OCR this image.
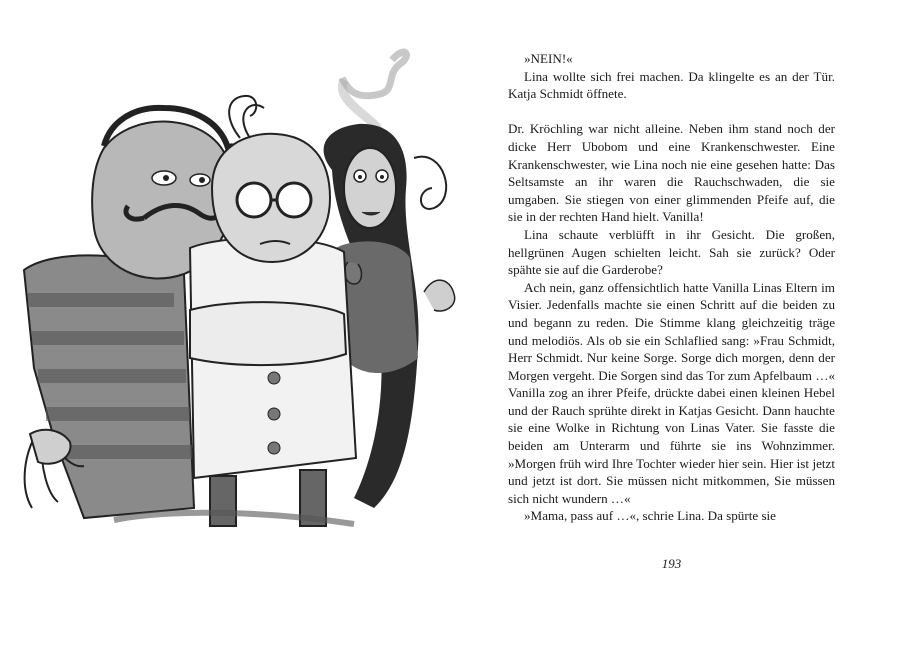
»NEIN!«

Lina wollte sich frei machen. Da klingelte es an der Tür. Katja Schmidt öffnete.

Dr. Kröchling war nicht alleine. Neben ihm stand noch der dicke Herr Ubobom und eine Krankenschwester. Eine Krankenschwester, wie Lina noch nie eine gesehen hatte: Das Seltsamste an ihr waren die Rauchschwaden, die sie umgaben. Sie stiegen von einer glimmenden Pfeife auf, die sie in der rechten Hand hielt. Vanilla!

Lina schaute verblüfft in ihr Gesicht. Die großen, hellgrünen Augen schielten leicht. Sah sie zurück? Oder spähte sie auf die Garderobe?

Ach nein, ganz offensichtlich hatte Vanilla Linas Eltern im Visier. Jedenfalls machte sie einen Schritt auf die beiden zu und begann zu reden. Die Stimme klang gleichzeitig träge und melodiös. Als ob sie ein Schlaflied sang: »Frau Schmidt, Herr Schmidt. Nur keine Sorge. Sorge dich morgen, denn der Morgen vergeht. Die Sorgen sind das Tor zum Apfelbaum …« Vanilla zog an ihrer Pfeife, drückte dabei einen kleinen Hebel und der Rauch sprühte direkt in Katjas Gesicht. Dann hauchte sie eine Wolke in Richtung von Linas Vater. Sie fasste die beiden am Unterarm und führte sie ins Wohnzimmer. »Morgen früh wird Ihre Tochter wieder hier sein. Hier ist jetzt und jetzt ist dort. Sie müssen nicht mitkommen, Sie müssen sich nicht wundern …«

»Mama, pass auf …«, schrie Lina. Da spürte sie

193
